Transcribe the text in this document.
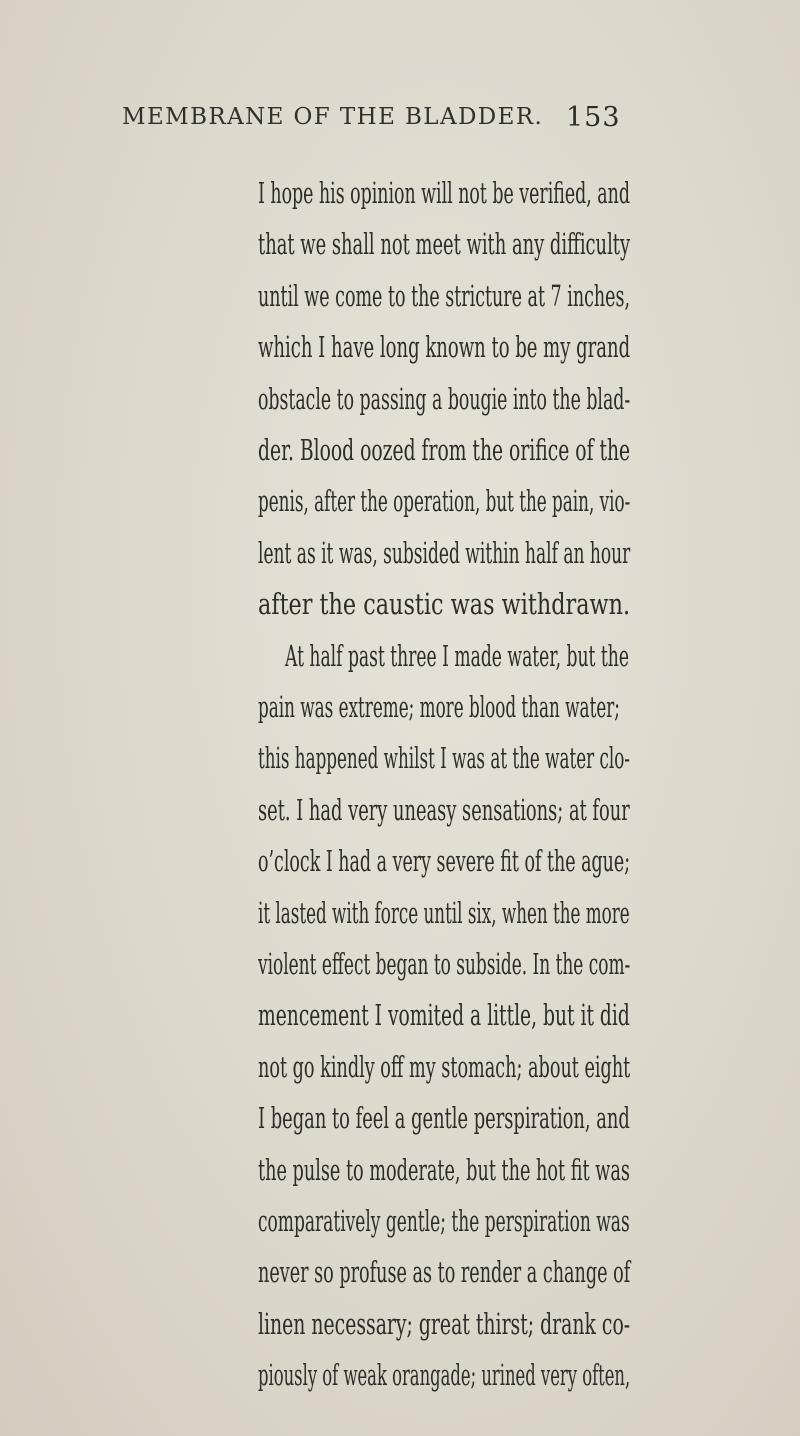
MEMBRANE OF THE BLADDER. 153
I hope his opinion will not be verified, and
that we shall not meet with any difficulty
until we come to the stricture at 7 inches,
which I have long known to be my grand
obstacle to passing a bougie into the blad-
der. Blood oozed from the orifice of the
penis, after the operation, but the pain, vio-
lent as it was, subsided within half an hour
after the caustic was withdrawn.
At half past three I made water, but the
pain was extreme; more blood than water;
this happened whilst I was at the water clo-
set. I had very uneasy sensations; at four
o’clock I had a very severe fit of the ague;
it lasted with force until six, when the more
violent effect began to subside. In the com-
mencement I vomited a little, but it did
not go kindly off my stomach; about eight
I began to feel a gentle perspiration, and
the pulse to moderate, but the hot fit was
comparatively gentle; the perspiration was
never so profuse as to render a change of
linen necessary; great thirst; drank co-
piously of weak orangade; urined very often,
